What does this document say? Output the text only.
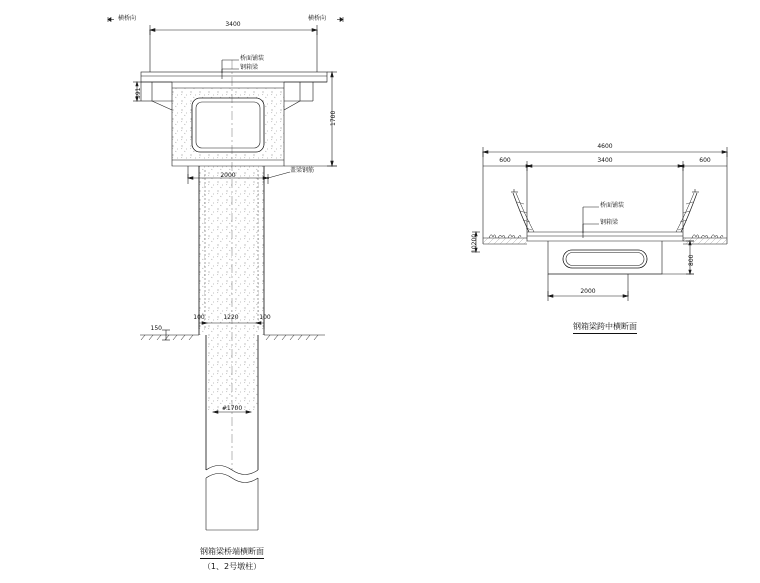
横桥向	横桥向
3400
桥面铺装
钢箱梁
391
1700
2000
盖梁钢筋
100	1220	100
150
#1700
钢箱梁桥端横断面
（1、2号墩柱）
4600
600	3400	600
桥面铺装
钢箱梁
10200
800
2000
钢箱梁跨中横断面
